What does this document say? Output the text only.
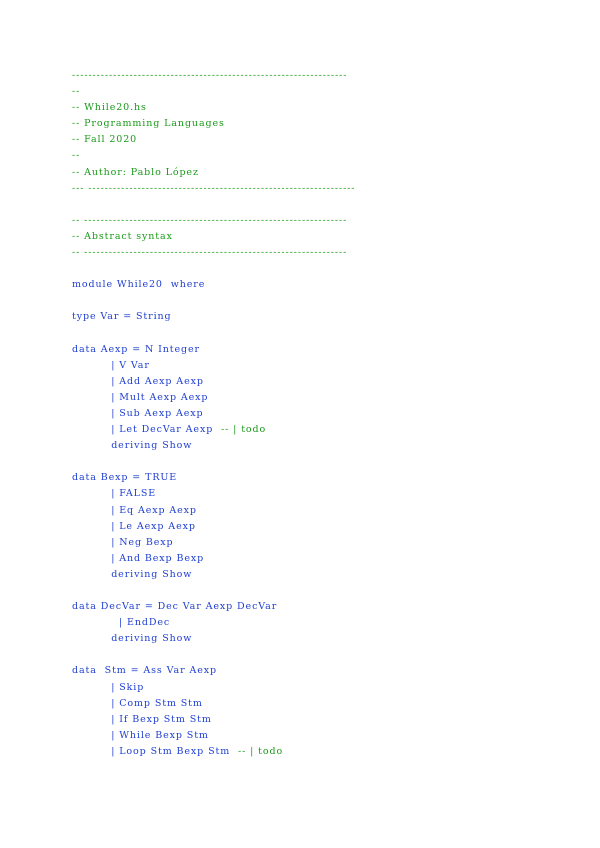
-------------------------------------------------------------------
--
-- While20.hs
-- Programming Languages
-- Fall 2020
--
-- Author: Pablo López
--- -----------------------------------------------------------------
-- ----------------------------------------------------------------
-- Abstract syntax
-- ----------------------------------------------------------------
module While20  where
type Var = String
data Aexp = N Integer
| V Var
| Add Aexp Aexp
| Mult Aexp Aexp
| Sub Aexp Aexp
| Let DecVar Aexp  -- | todo
deriving Show
data Bexp = TRUE
| FALSE
| Eq Aexp Aexp
| Le Aexp Aexp
| Neg Bexp
| And Bexp Bexp
deriving Show
data DecVar = Dec Var Aexp DecVar
| EndDec
deriving Show
data  Stm = Ass Var Aexp
| Skip
| Comp Stm Stm
| If Bexp Stm Stm
| While Bexp Stm
| Loop Stm Bexp Stm  -- | todo
